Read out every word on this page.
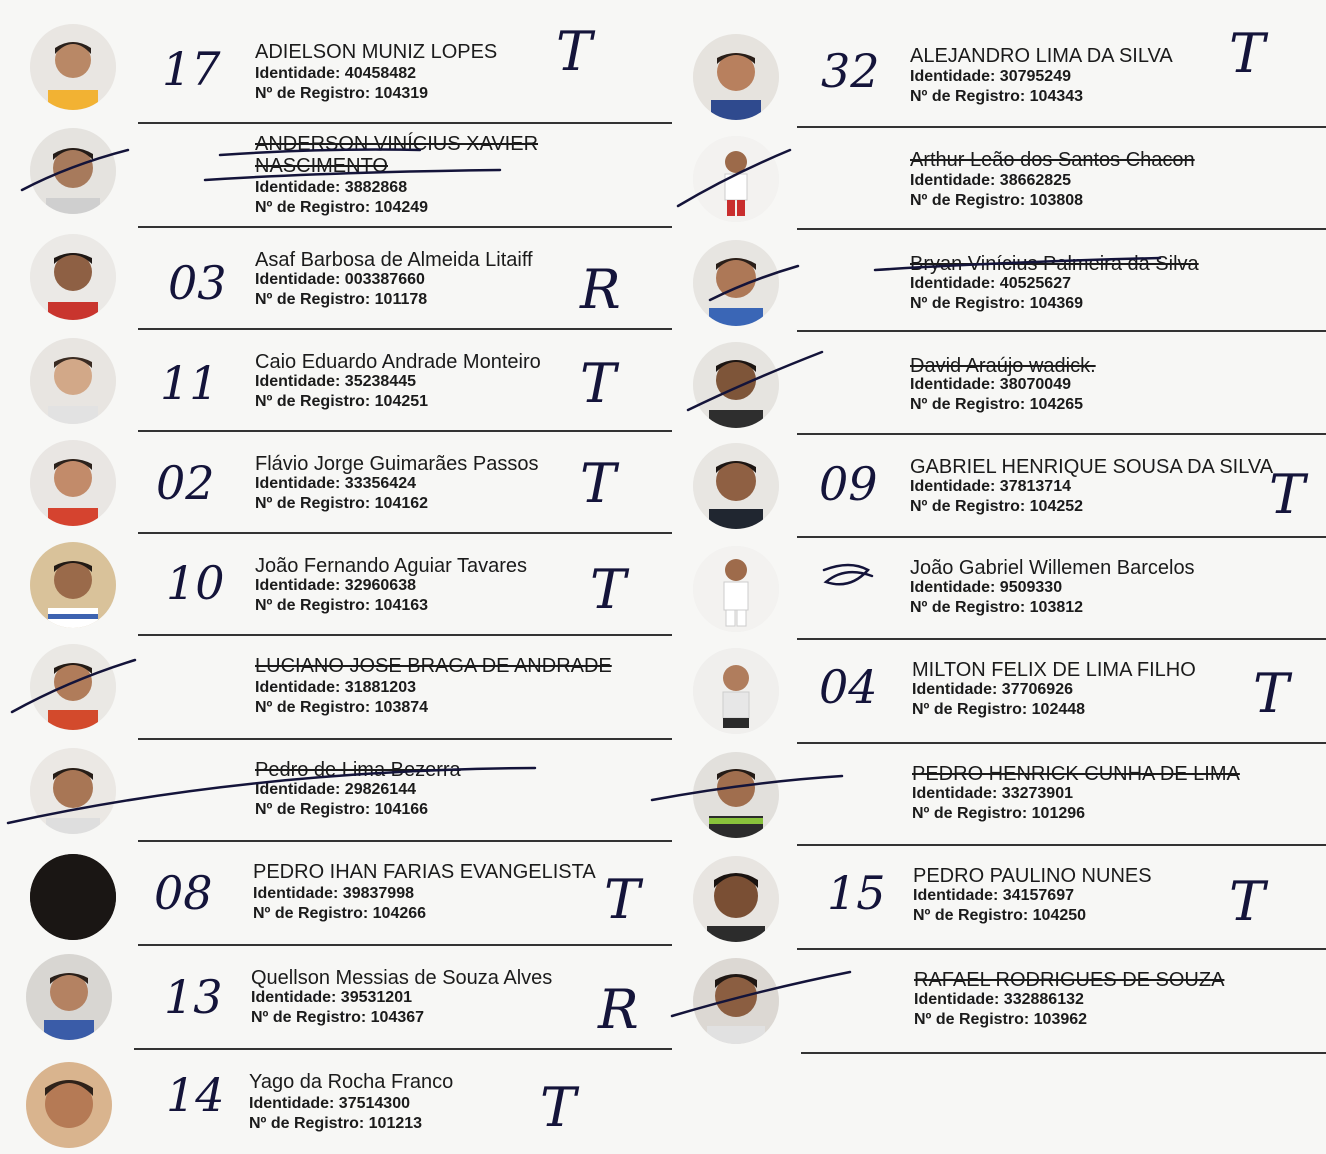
17 ADIELSON MUNIZ LOPES
Identidade: 40458482
Nº de Registro: 104319
T
ANDERSON VINÍCIUS XAVIER
NASCIMENTO
Identidade: 3882868
Nº de Registro: 104249
03 Asaf Barbosa de Almeida Litaiff
Identidade: 003387660
Nº de Registro: 101178	R
11 Caio Eduardo Andrade Monteiro
Identidade: 35238445
Nº de Registro: 104251	T
02 Flávio Jorge Guimarães Passos
Identidade: 33356424
Nº de Registro: 104162	T
10 João Fernando Aguiar Tavares
Identidade: 32960638
Nº de Registro: 104163	T
LUCIANO JOSE BRAGA DE ANDRADE
Identidade: 31881203
Nº de Registro: 103874
Pedro de Lima Bezerra
Identidade: 29826144
Nº de Registro: 104166
08 PEDRO IHAN FARIAS EVANGELISTA
Identidade: 39837998
Nº de Registro: 104266	T
13 Quellson Messias de Souza Alves
Identidade: 39531201
Nº de Registro: 104367	R
14 Yago da Rocha Franco
Identidade: 37514300
Nº de Registro: 101213 T
32 ALEJANDRO LIMA DA SILVA
Identidade: 30795249
Nº de Registro: 104343
T
Arthur Leão dos Santos Chacon
Identidade: 38662825
Nº de Registro: 103808
Bryan Vinícius Palmeira da Silva
Identidade: 40525627
Nº de Registro: 104369
David Araújo wadick.
Identidade: 38070049
Nº de Registro: 104265
09 GABRIEL HENRIQUE SOUSA DA SILVA
Identidade: 37813714
Nº de Registro: 104252	T
João Gabriel Willemen Barcelos
Identidade: 9509330
Nº de Registro: 103812
04 MILTON FELIX DE LIMA FILHO
Identidade: 37706926
Nº de Registro: 102448	T
PEDRO HENRICK CUNHA DE LIMA
Identidade: 33273901
Nº de Registro: 101296
15 PEDRO PAULINO NUNES
Identidade: 34157697
Nº de Registro: 104250	T
RAFAEL RODRIGUES DE SOUZA
Identidade: 332886132
Nº de Registro: 103962
